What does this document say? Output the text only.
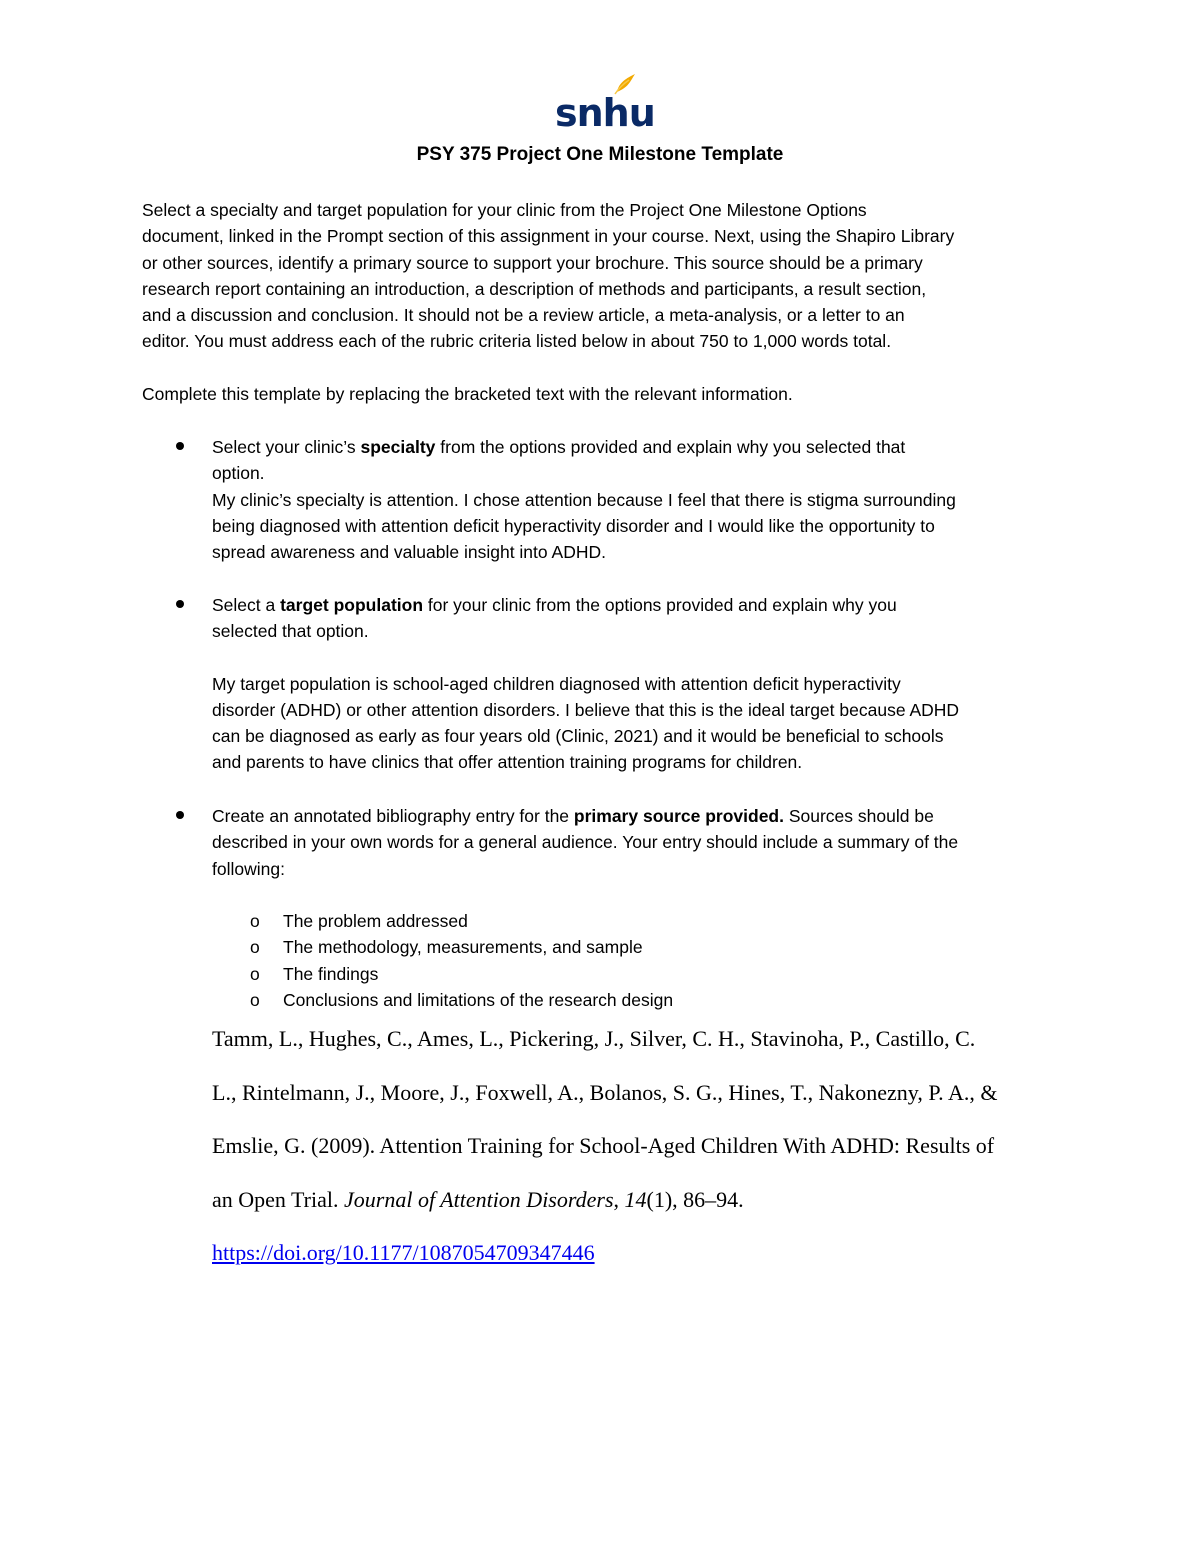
snhu
PSY 375 Project One Milestone Template
Select a specialty and target population for your clinic from the Project One Milestone Options
document, linked in the Prompt section of this assignment in your course. Next, using the Shapiro Library
or other sources, identify a primary source to support your brochure. This source should be a primary
research report containing an introduction, a description of methods and participants, a result section,
and a discussion and conclusion. It should not be a review article, a meta-analysis, or a letter to an
editor. You must address each of the rubric criteria listed below in about 750 to 1,000 words total.
Complete this template by replacing the bracketed text with the relevant information.
Select your clinic’s specialty from the options provided and explain why you selected that
option.
My clinic’s specialty is attention. I chose attention because I feel that there is stigma surrounding
being diagnosed with attention deficit hyperactivity disorder and I would like the opportunity to
spread awareness and valuable insight into ADHD.
Select a target population for your clinic from the options provided and explain why you
selected that option.
My target population is school-aged children diagnosed with attention deficit hyperactivity
disorder (ADHD) or other attention disorders. I believe that this is the ideal target because ADHD
can be diagnosed as early as four years old (Clinic, 2021) and it would be beneficial to schools
and parents to have clinics that offer attention training programs for children.
Create an annotated bibliography entry for the primary source provided. Sources should be
described in your own words for a general audience. Your entry should include a summary of the
following:
o The problem addressed
o The methodology, measurements, and sample
o The findings
o Conclusions and limitations of the research design
Tamm, L., Hughes, C., Ames, L., Pickering, J., Silver, C. H., Stavinoha, P., Castillo, C.
L., Rintelmann, J., Moore, J., Foxwell, A., Bolanos, S. G., Hines, T., Nakonezny, P. A., &
Emslie, G. (2009). Attention Training for School-Aged Children With ADHD: Results of
an Open Trial. Journal of Attention Disorders, 14(1), 86–94.
https://doi.org/10.1177/1087054709347446
